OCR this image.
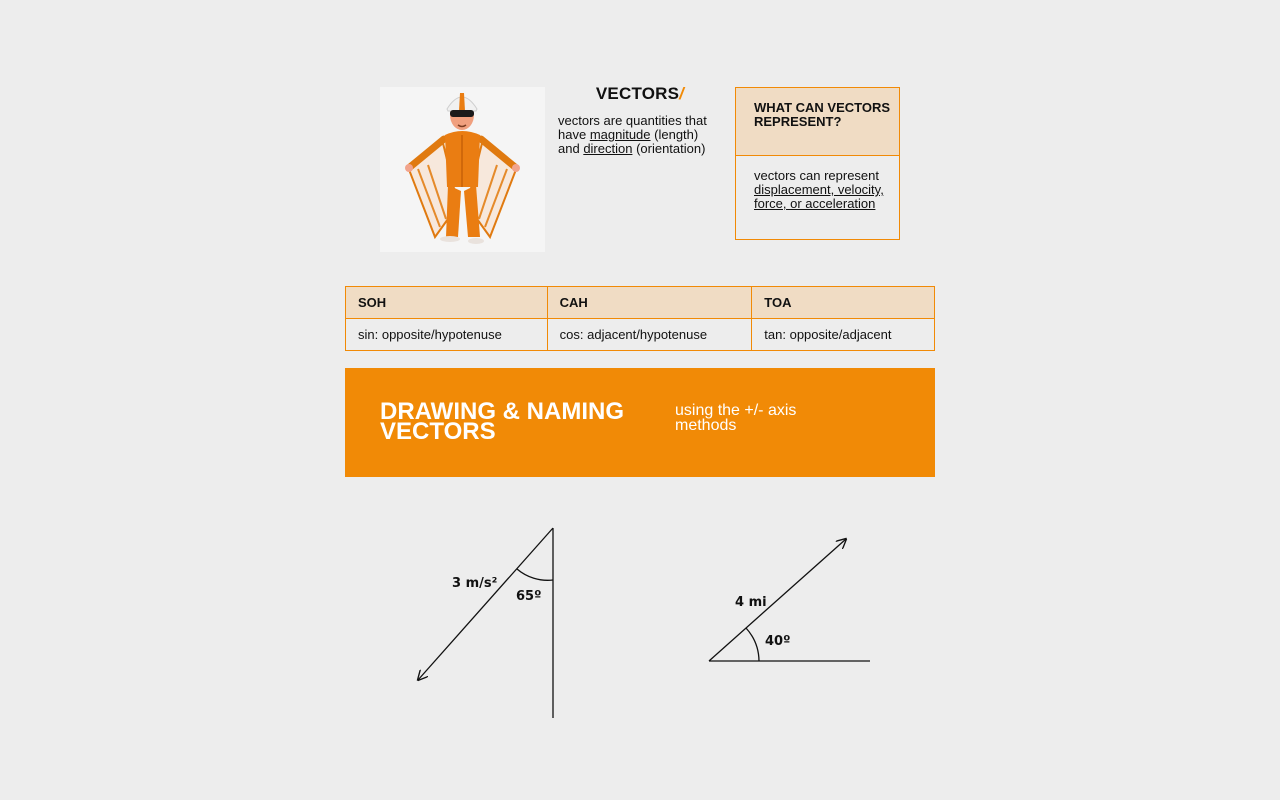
VECTORS/
vectors are quantities that have magnitude (length) and direction (orientation)
WHAT CAN VECTORS REPRESENT?
vectors can represent displacement, velocity, force, or acceleration
SOH	CAH	TOA
sin: opposite/hypotenuse	cos: adjacent/hypotenuse	tan: opposite/adjacent
DRAWING & NAMING VECTORS
using the +/- axis methods
3 m/s²
65º	4 mi
40º
